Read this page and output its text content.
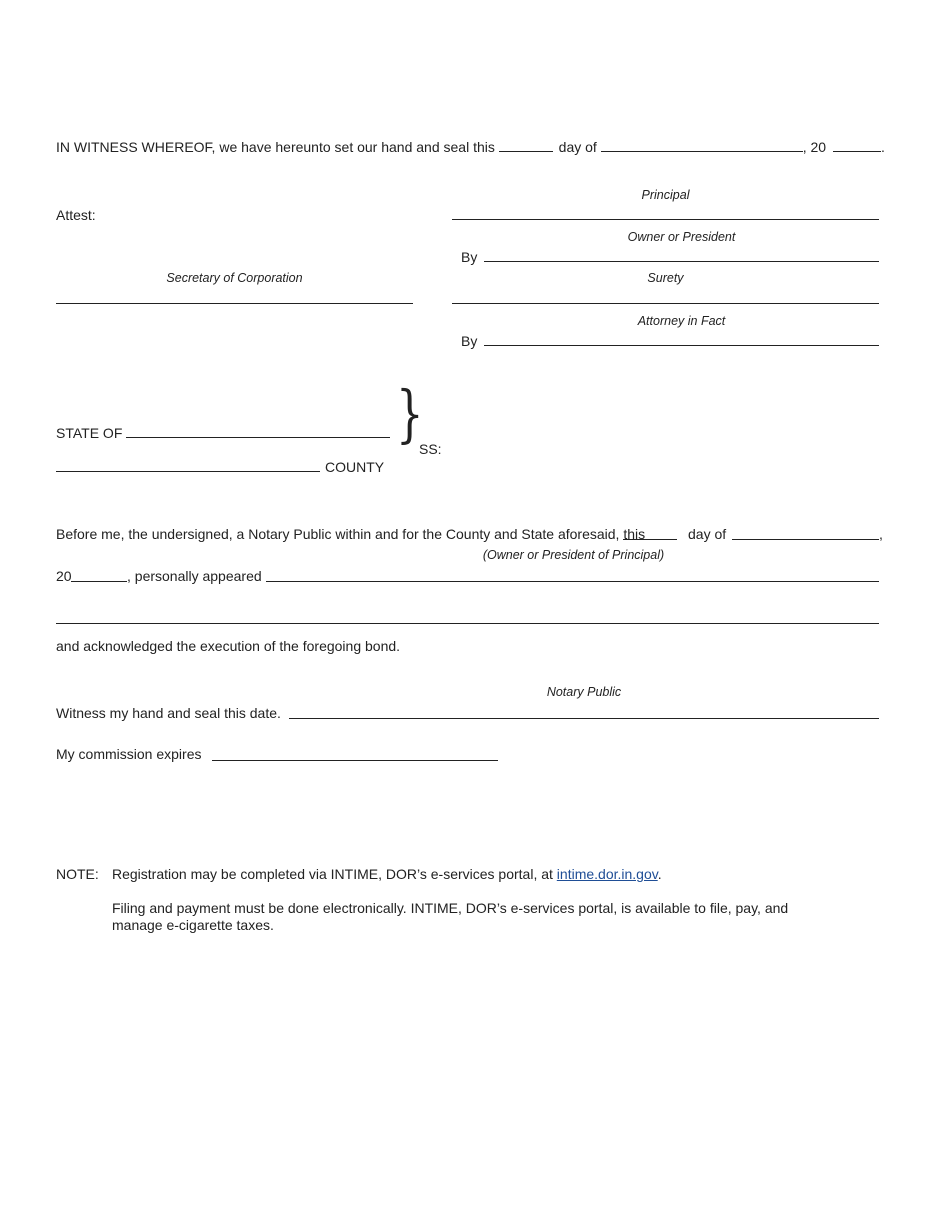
IN WITNESS WHEREOF, we have hereunto set our hand and seal this	day of	, 20	.
Principal
Attest:
Owner or President
By
Secretary of Corporation	Surety
Attorney in Fact
By
STATE OF	}
SS:
COUNTY
Before me, the undersigned, a Notary Public within and for the County and State aforesaid, this	day of	,
(Owner or President of Principal)
20	, personally appeared
and acknowledged the execution of the foregoing bond.
Notary Public
Witness my hand and seal this date.
My commission expires
NOTE: Registration may be completed via INTIME, DOR’s e-services portal, at intime.dor.in.gov.
Filing and payment must be done electronically. INTIME, DOR’s e-services portal, is available to file, pay, and
manage e-cigarette taxes.
